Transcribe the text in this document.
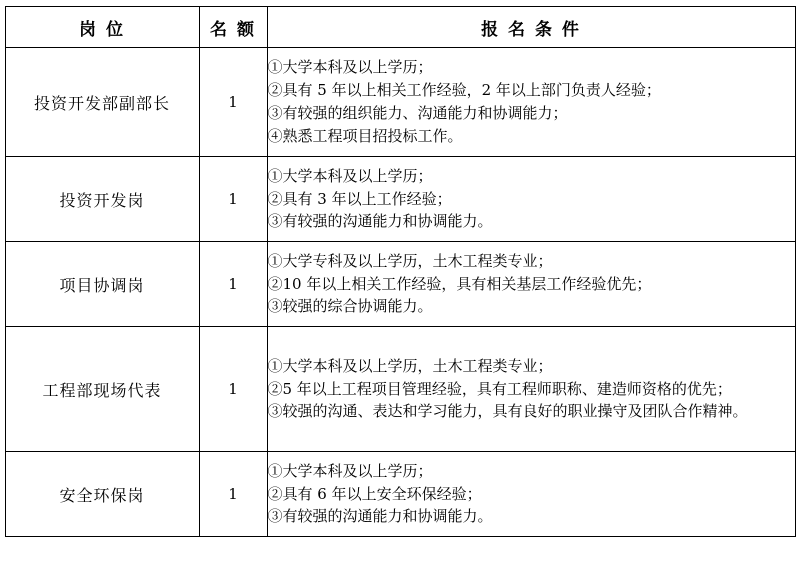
岗 位	名 额	报 名 条 件
投资开发部副部长	1	①大学本科及以上学历；
②具有 5 年以上相关工作经验，2 年以上部门负责人经验；
③有较强的组织能力、沟通能力和协调能力；
④熟悉工程项目招投标工作。

投资开发岗	1	①大学本科及以上学历；
②具有 3 年以上工作经验；
③有较强的沟通能力和协调能力。

项目协调岗	1	①大学专科及以上学历，土木工程类专业；
②10 年以上相关工作经验，具有相关基层工作经验优先；
③较强的综合协调能力。

工程部现场代表	1	①大学本科及以上学历，土木工程类专业；
②5 年以上工程项目管理经验，具有工程师职称、建造师资格的优先；
③较强的沟通、表达和学习能力，具有良好的职业操守及团队合作精神。

安全环保岗	1	①大学本科及以上学历；
②具有 6 年以上安全环保经验；
③有较强的沟通能力和协调能力。
